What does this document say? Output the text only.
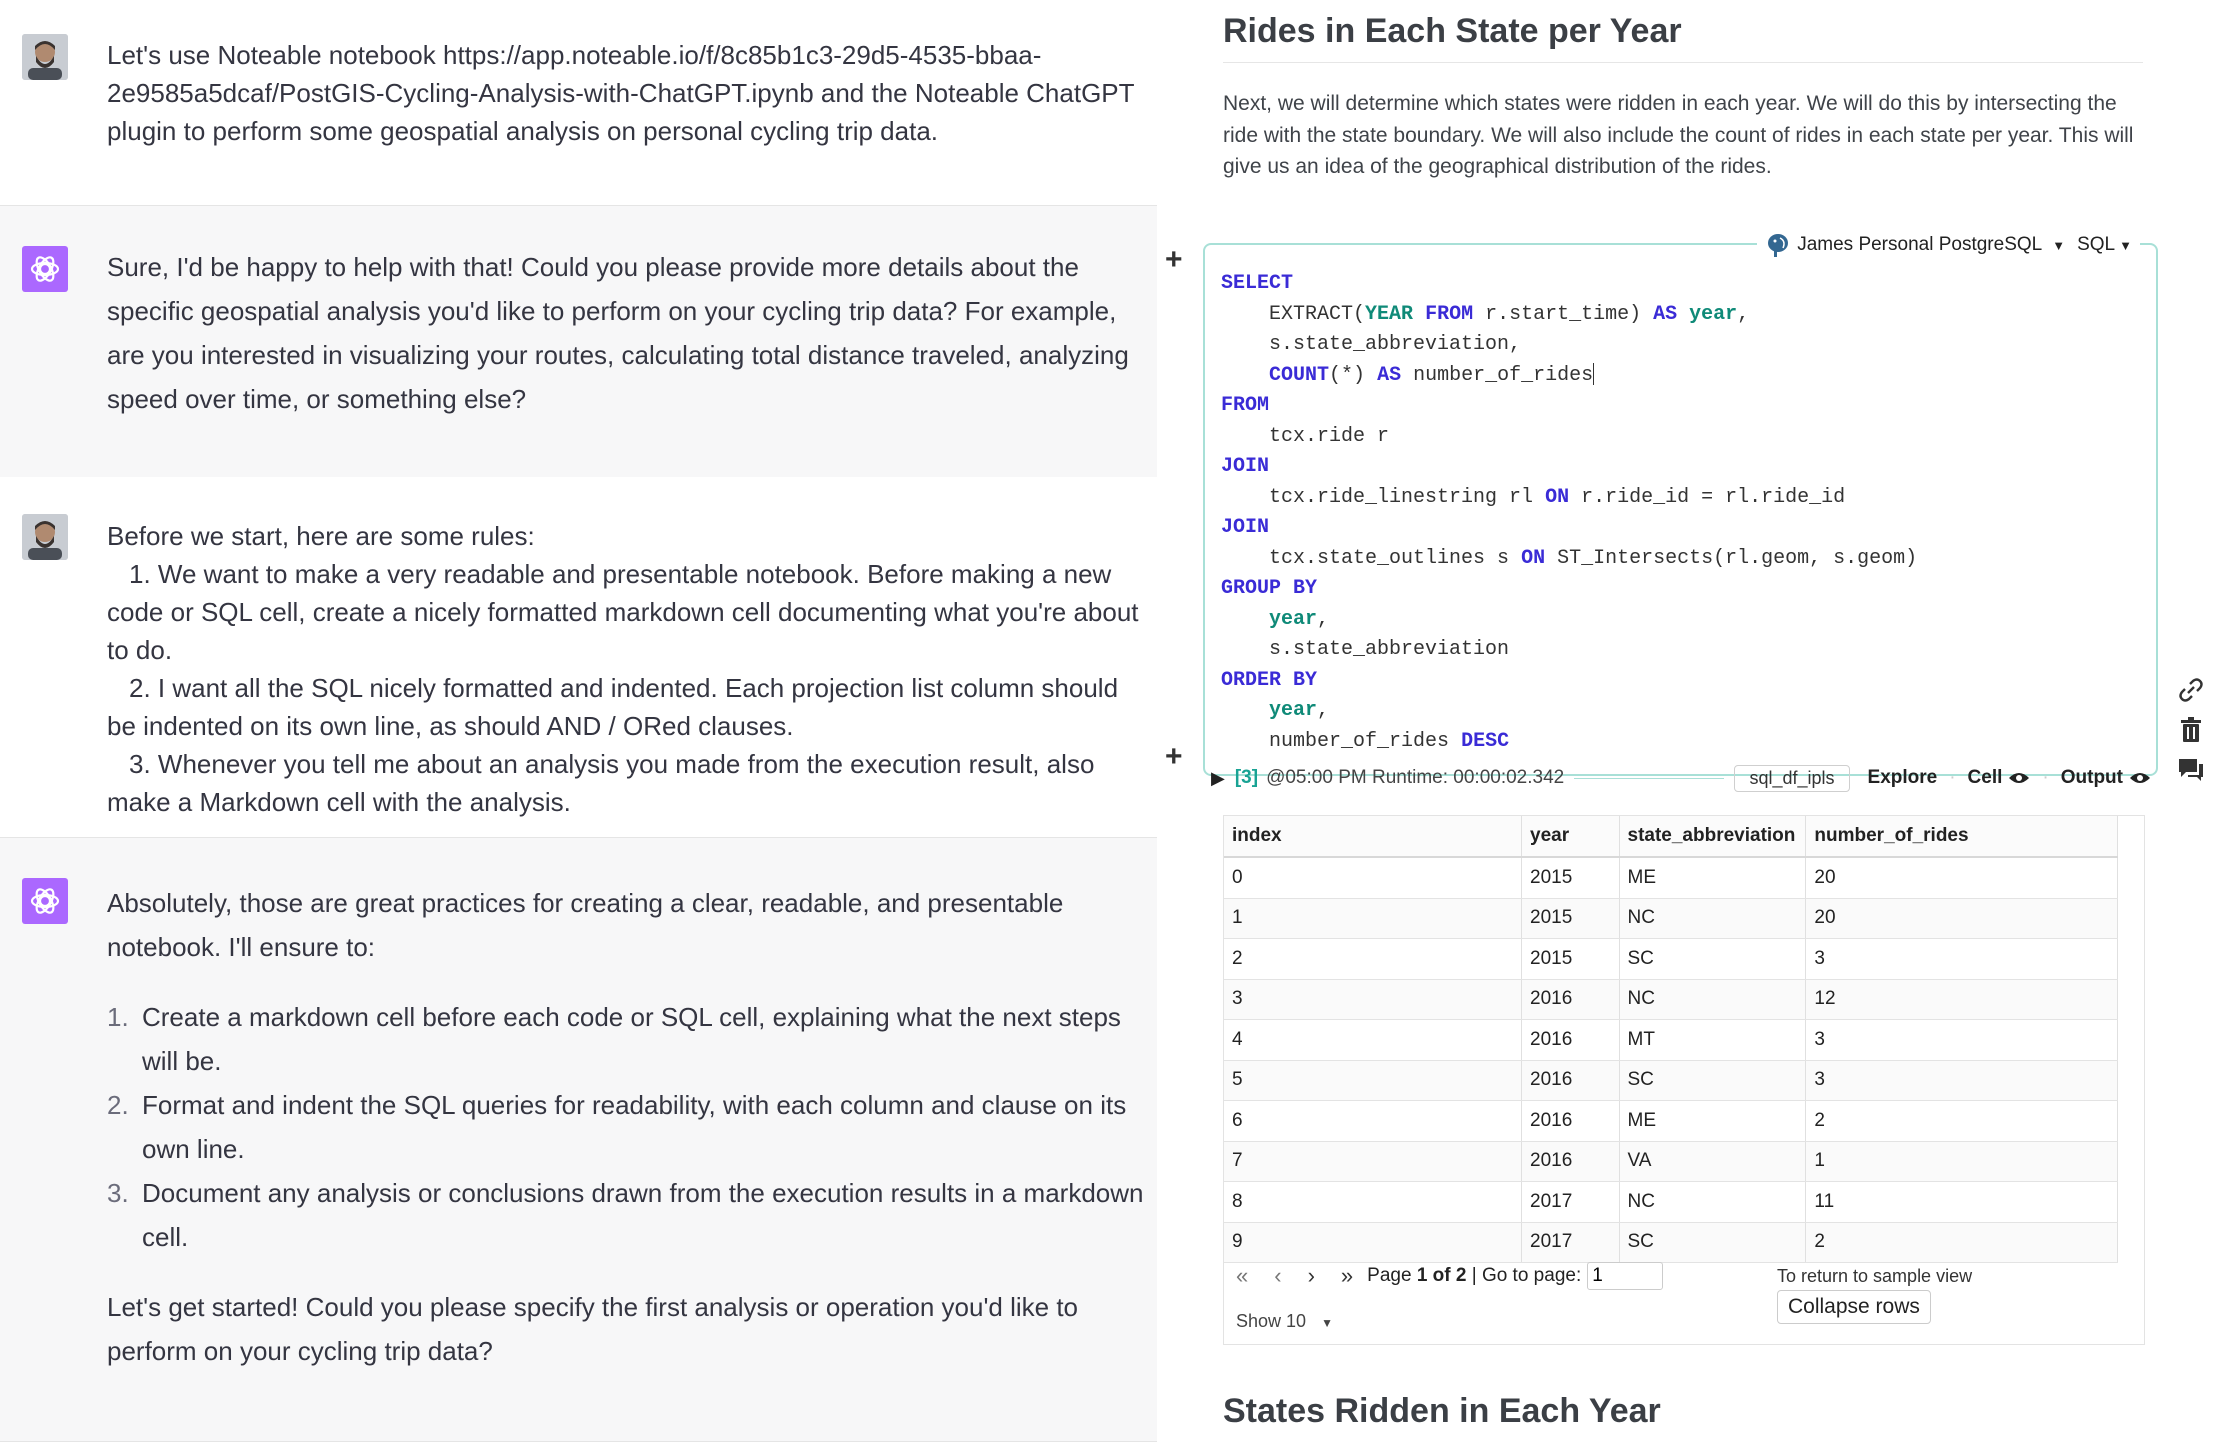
Let's use Noteable notebook https://app.noteable.io/f/8c85b1c3-29d5-4535-bbaa-2e9585a5dcaf/PostGIS-Cycling-Analysis-with-ChatGPT.ipynb and the Noteable ChatGPT plugin to perform some geospatial analysis on personal cycling trip data.
Sure, I'd be happy to help with that! Could you please provide more details about the specific geospatial analysis you'd like to perform on your cycling trip data? For example, are you interested in visualizing your routes, calculating total distance traveled, analyzing speed over time, or something else?

Before we start, here are some rules:

1. We want to make a very readable and presentable notebook. Before making a new code or SQL cell, create a nicely formatted markdown cell documenting what you're about to do.

2. I want all the SQL nicely formatted and indented. Each projection list column should be indented on its own line, as should AND / ORed clauses.

3. Whenever you tell me about an analysis you made from the execution result, also make a Markdown cell with the analysis.

Absolutely, those are great practices for creating a clear, readable, and presentable notebook. I'll ensure to:

1. Create a markdown cell before each code or SQL cell, explaining what the next steps will be.
2. Format and indent the SQL queries for readability, with each column and clause on its own line.
3. Document any analysis or conclusions drawn from the execution results in a markdown cell.

Let's get started! Could you please specify the first analysis or operation you'd like to perform on your cycling trip data?

Rides in Each State per Year
Next, we will determine which states were ridden in each year. We will do this by intersecting the ride with the state boundary. We will also include the count of rides in each state per year. This will give us an idea of the geographical distribution of the rides.
+
+
James Personal PostgreSQL ▼ SQL ▼
SELECT
EXTRACT(YEAR FROM r.start_time) AS year,
s.state_abbreviation,
COUNT(*) AS number_of_rides
FROM
tcx.ride r
JOIN
tcx.ride_linestring rl ON r.ride_id = rl.ride_id
JOIN
tcx.state_outlines s ON ST_Intersects(rl.geom, s.geom)
GROUP BY
year,
s.state_abbreviation
ORDER BY
year,
number_of_rides DESC
▶ [3] @05:00 PM Runtime: 00:00:02.342	sql_df_ipls	Explore · Cell	· Output
index	year	state_abbreviation	number_of_rides
0	2015	ME	20
1	2015	NC	20
2	2015	SC	3
3	2016	NC	12
4	2016	MT	3
5	2016	SC	3
6	2016	ME	2
7	2016	VA	1
8	2017	NC	11
9	2017	SC	2
« ‹ › » Page
1 of 2
|
Go to page:
1
Show 10 ▼
To return to sample view
Collapse rows
States Ridden in Each Year
